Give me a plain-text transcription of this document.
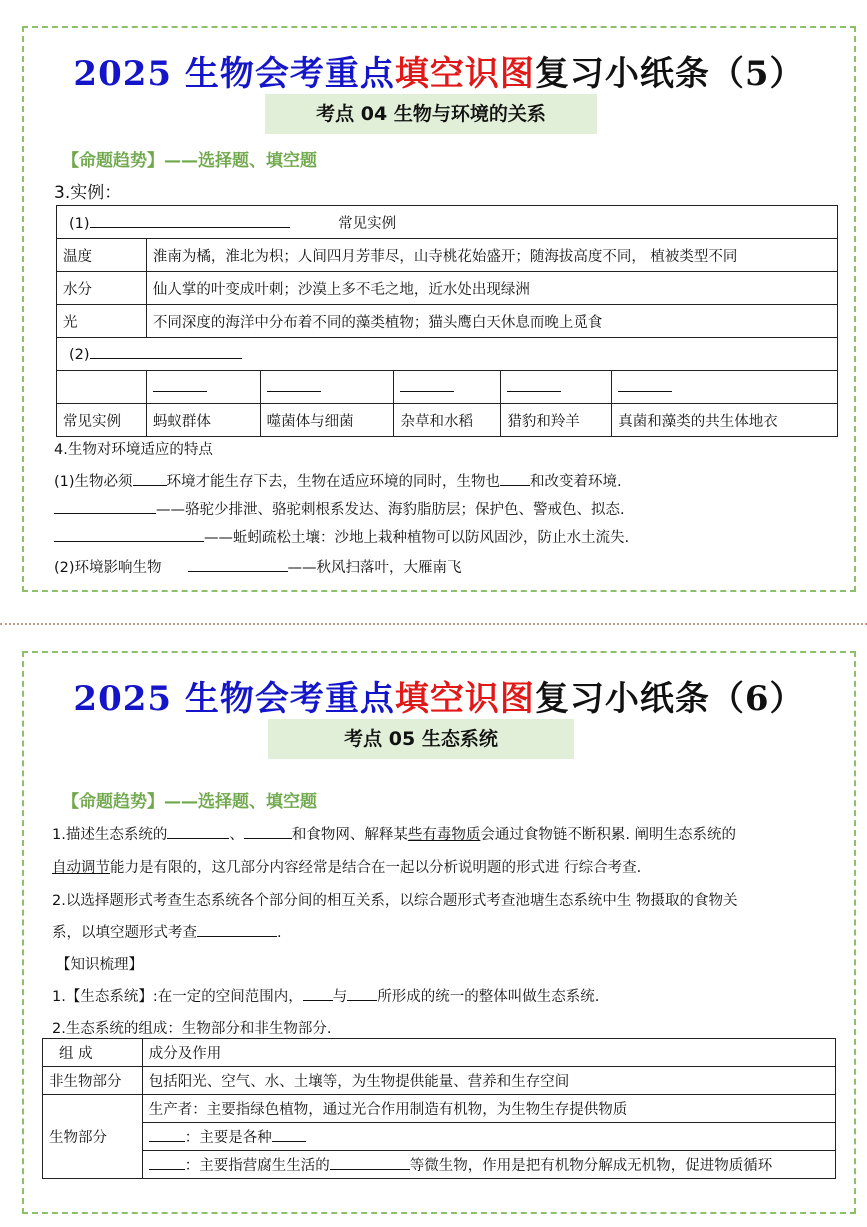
2025 生物会考重点填空识图复习小纸条（5）
考点 04 生物与环境的关系
【命题趋势】——选择题、填空题
3.实例：
(1) 常见实例					
温度	淮南为橘，淮北为枳；人间四月芳菲尽，山寺桃花始盛开；随海拔高度不同， 植被类型不同				
水分	仙人掌的叶变成叶刺；沙漠上多不毛之地，近水处出现绿洲				
光	不同深度的海洋中分布着不同的藻类植物；猫头鹰白天休息而晚上觅食				
(2)					

常见实例	蚂蚁群体	噬菌体与细菌	杂草和水稻	猎豹和羚羊	真菌和藻类的共生体地衣
4.生物对环境适应的特点
(1)生物必须 环境才能生存下去，生物在适应环境的同时，生物也 和改变着环境.
——骆驼少排泄、骆驼刺根系发达、海豹脂肪层；保护色、警戒色、拟态.
——蚯蚓疏松土壤：沙地上栽种植物可以防风固沙，防止水土流失.
(2)环境影响生物	——秋风扫落叶，大雁南飞
2025 生物会考重点填空识图复习小纸条（6）
考点 05 生态系统
【命题趋势】——选择题、填空题
1.描述生态系统的	、	和食物网、解释某些有毒物质会通过食物链不断积累. 阐明生态系统的
自动调节能力是有限的，这几部分内容经常是结合在一起以分析说明题的形式进 行综合考查.
2.以选择题形式考查生态系统各个部分间的相互关系，以综合题形式考查池塘生态系统中生 物摄取的食物关
系，以填空题形式考查	.
【知识梳理】
1.【生态系统】:在一定的空间范围内， 与 所形成的统一的整体叫做生态系统.
2.生态系统的组成：生物部分和非生物部分.
组 成	成分及作用
非生物部分	包括阳光、空气、水、土壤等，为生物提供能量、营养和生存空间
生物部分	生产者：主要指绿色植物，通过光合作用制造有机物，为生物生存提供物质
	：主要是各种
	：主要指营腐生生活的 等微生物，作用是把有机物分解成无机物，促进物质循环
